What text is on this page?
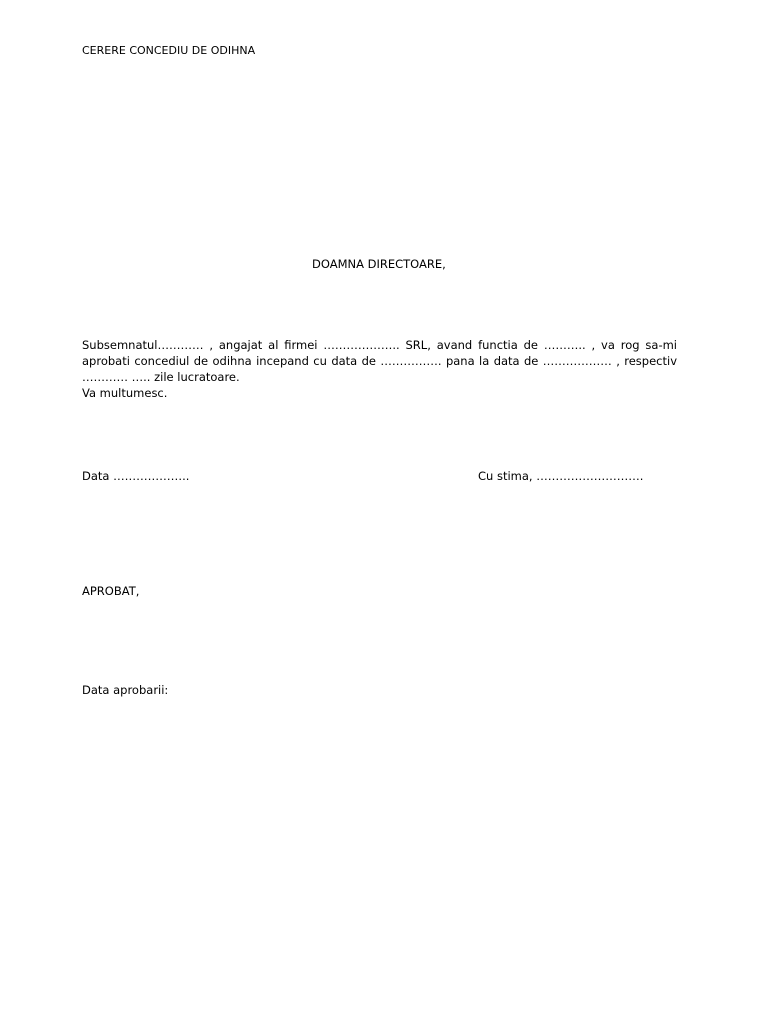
CERERE CONCEDIU DE ODIHNA
DOAMNA DIRECTOARE,
Subsemnatul………… , angajat al firmei ……………….. SRL, avand functi̇a de ……….. , va rog sa-mi
aprobati̇ concediul de odihna incepand cu data de ……………. pana la data de ……………… , respecti̇v
………… ….. zile lucratoare.
Va multumesc.
Data ………………..	Cu sti̇ma, ……………………….
APROBAT,
Data aprobarii:
